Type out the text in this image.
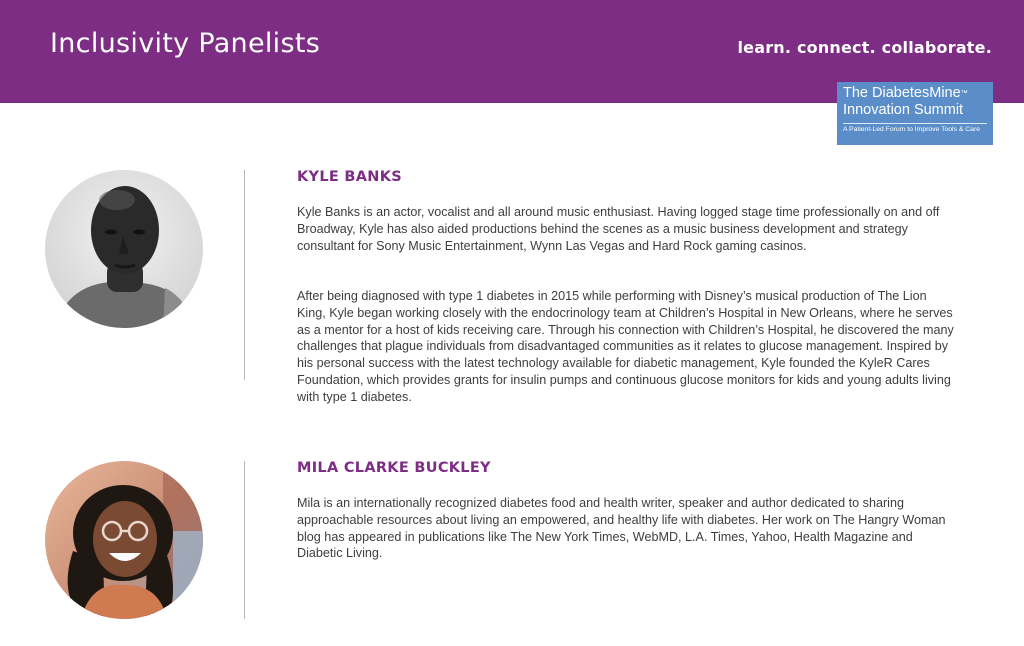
Inclusivity Panelists	learn. connect. collaborate.
The DiabetesMine™
Innovation Summit
A Patient-Led Forum to Improve Tools & Care
KYLE BANKS

Kyle Banks is an actor, vocalist and all around music enthusiast. Having logged stage time professionally on and off Broadway, Kyle has also aided productions behind the scenes as a music business development and strategy consultant for Sony Music Entertainment, Wynn Las Vegas and Hard Rock gaming casinos.

After being diagnosed with type 1 diabetes in 2015 while performing with Disney’s musical production of The Lion King, Kyle began working closely with the endocrinology team at Children’s Hospital in New Orleans, where he serves as a mentor for a host of kids receiving care. Through his connection with Children’s Hospital, he discovered the many challenges that plague individuals from disadvantaged communities as it relates to glucose management. Inspired by his personal success with the latest technology available for diabetic management, Kyle founded the KyleR Cares Foundation, which provides grants for insulin pumps and continuous glucose monitors for kids and young adults living with type 1 diabetes.

MILA CLARKE BUCKLEY

Mila is an internationally recognized diabetes food and health writer, speaker and author dedicated to sharing approachable resources about living an empowered, and healthy life with diabetes. Her work on The Hangry Woman blog has appeared in publications like The New York Times, WebMD, L.A. Times, Yahoo, Health Magazine and Diabetic Living.
